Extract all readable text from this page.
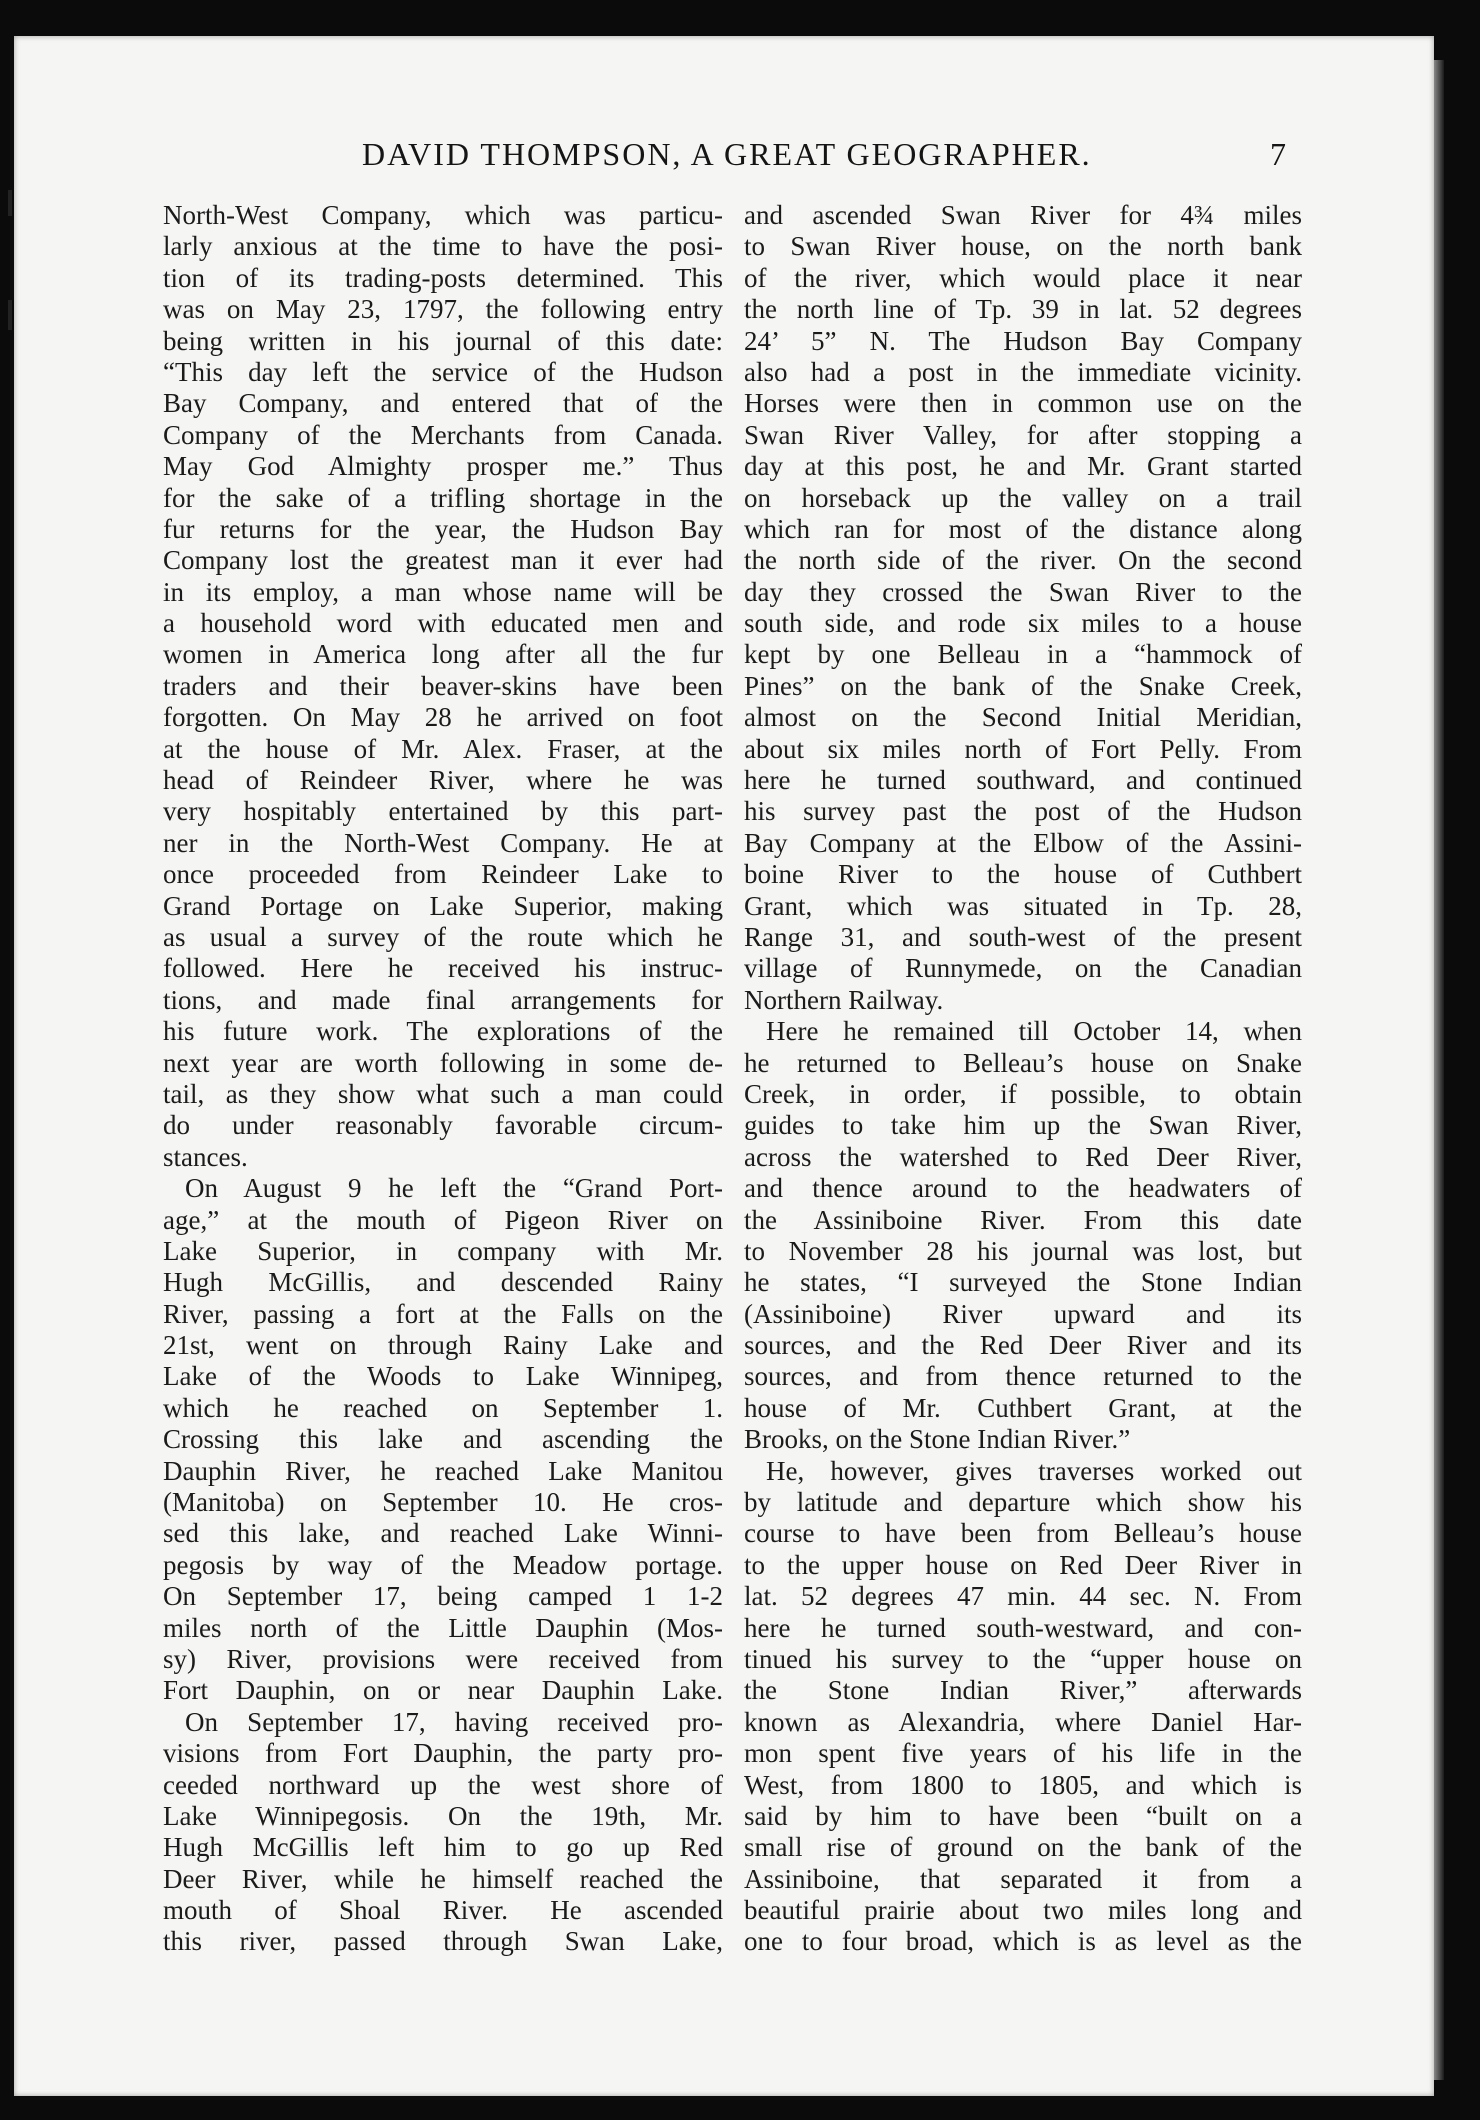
DAVID THOMPSON, A GREAT GEOGRAPHER.	7
North-West Company, which was particu-
larly anxious at the time to have the posi-
tion of its trading-posts determined. This
was on May 23, 1797, the following entry
being written in his journal of this date:
“This day left the service of the Hudson
Bay Company, and entered that of the
Company of the Merchants from Canada.
May God Almighty prosper me.” Thus
for the sake of a trifling shortage in the
fur returns for the year, the Hudson Bay
Company lost the greatest man it ever had
in its employ, a man whose name will be
a household word with educated men and
women in America long after all the fur
traders and their beaver-skins have been
forgotten. On May 28 he arrived on foot
at the house of Mr. Alex. Fraser, at the
head of Reindeer River, where he was
very hospitably entertained by this part-
ner in the North-West Company. He at
once proceeded from Reindeer Lake to
Grand Portage on Lake Superior, making
as usual a survey of the route which he
followed. Here he received his instruc-
tions, and made final arrangements for
his future work. The explorations of the
next year are worth following in some de-
tail, as they show what such a man could
do under reasonably favorable circum-
stances.
On August 9 he left the “Grand Port-
age,” at the mouth of Pigeon River on
Lake Superior, in company with Mr.
Hugh McGillis, and descended Rainy
River, passing a fort at the Falls on the
21st, went on through Rainy Lake and
Lake of the Woods to Lake Winnipeg,
which he reached on September 1.
Crossing this lake and ascending the
Dauphin River, he reached Lake Manitou
(Manitoba) on September 10. He cros-
sed this lake, and reached Lake Winni-
pegosis by way of the Meadow portage.
On September 17, being camped 1 1-2
miles north of the Little Dauphin (Mos-
sy) River, provisions were received from
Fort Dauphin, on or near Dauphin Lake.
On September 17, having received pro-
visions from Fort Dauphin, the party pro-
ceeded northward up the west shore of
Lake Winnipegosis. On the 19th, Mr.
Hugh McGillis left him to go up Red
Deer River, while he himself reached the
mouth of Shoal River. He ascended
this river, passed through Swan Lake,
and ascended Swan River for 4¾ miles
to Swan River house, on the north bank
of the river, which would place it near
the north line of Tp. 39 in lat. 52 degrees
24’ 5” N. The Hudson Bay Company
also had a post in the immediate vicinity.
Horses were then in common use on the
Swan River Valley, for after stopping a
day at this post, he and Mr. Grant started
on horseback up the valley on a trail
which ran for most of the distance along
the north side of the river. On the second
day they crossed the Swan River to the
south side, and rode six miles to a house
kept by one Belleau in a “hammock of
Pines” on the bank of the Snake Creek,
almost on the Second Initial Meridian,
about six miles north of Fort Pelly. From
here he turned southward, and continued
his survey past the post of the Hudson
Bay Company at the Elbow of the Assini-
boine River to the house of Cuthbert
Grant, which was situated in Tp. 28,
Range 31, and south-west of the present
village of Runnymede, on the Canadian
Northern Railway.
Here he remained till October 14, when
he returned to Belleau’s house on Snake
Creek, in order, if possible, to obtain
guides to take him up the Swan River,
across the watershed to Red Deer River,
and thence around to the headwaters of
the Assiniboine River. From this date
to November 28 his journal was lost, but
he states, “I surveyed the Stone Indian
(Assiniboine) River upward and its
sources, and the Red Deer River and its
sources, and from thence returned to the
house of Mr. Cuthbert Grant, at the
Brooks, on the Stone Indian River.”
He, however, gives traverses worked out
by latitude and departure which show his
course to have been from Belleau’s house
to the upper house on Red Deer River in
lat. 52 degrees 47 min. 44 sec. N. From
here he turned south-westward, and con-
tinued his survey to the “upper house on
the Stone Indian River,” afterwards
known as Alexandria, where Daniel Har-
mon spent five years of his life in the
West, from 1800 to 1805, and which is
said by him to have been “built on a
small rise of ground on the bank of the
Assiniboine, that separated it from a
beautiful prairie about two miles long and
one to four broad, which is as level as the
